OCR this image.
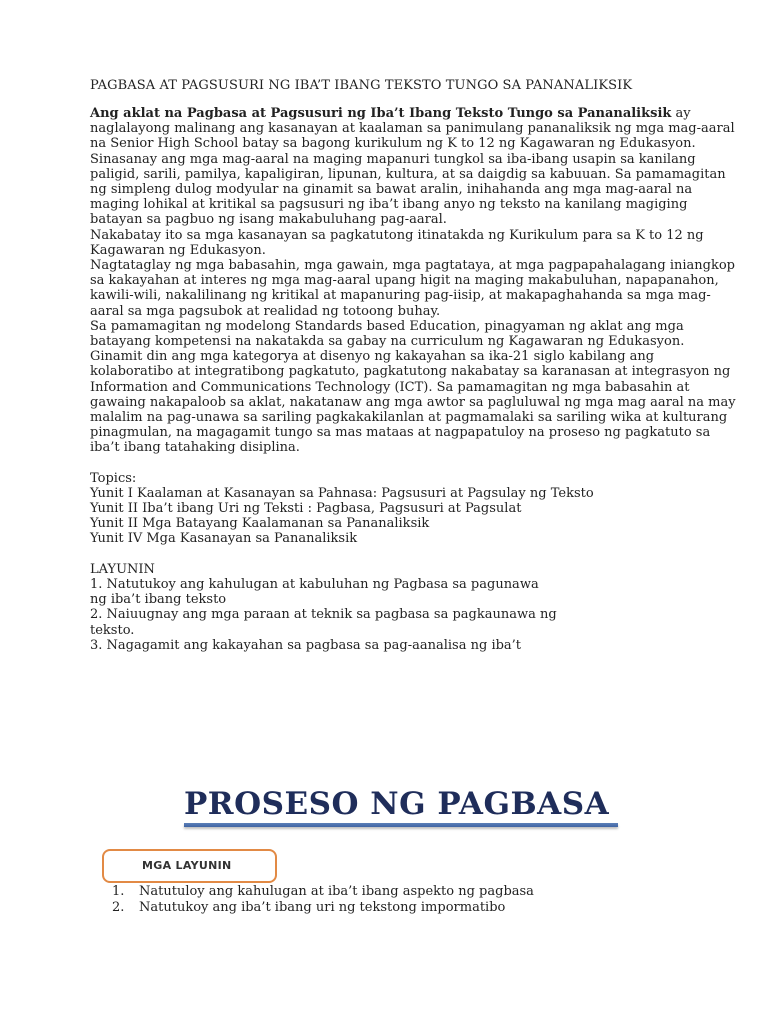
PAGBASA AT PAGSUSURI NG IBA’T IBANG TEKSTO TUNGO SA PANANALIKSIK

Ang aklat na Pagbasa at Pagsusuri ng Iba’t Ibang Teksto Tungo sa Pananaliksik ay

naglalayong malinang ang kasanayan at kaalaman sa panimulang pananaliksik ng mga mag-aaral

na Senior High School batay sa bagong kurikulum ng K to 12 ng Kagawaran ng Edukasyon.

Sinasanay ang mga mag-aaral na maging mapanuri tungkol sa iba-ibang usapin sa kanilang

paligid, sarili, pamilya, kapaligiran, lipunan, kultura, at sa daigdig sa kabuuan. Sa pamamagitan

ng simpleng dulog modyular na ginamit sa bawat aralin, inihahanda ang mga mag-aaral na

maging lohikal at kritikal sa pagsusuri ng iba’t ibang anyo ng teksto na kanilang magiging

batayan sa pagbuo ng isang makabuluhang pag-aaral.

Nakabatay ito sa mga kasanayan sa pagkatutong itinatakda ng Kurikulum para sa K to 12 ng

Kagawaran ng Edukasyon.

Nagtataglay ng mga babasahin, mga gawain, mga pagtataya, at mga pagpapahalagang iniangkop

sa kakayahan at interes ng mga mag-aaral upang higit na maging makabuluhan, napapanahon,

kawili-wili, nakalilinang ng kritikal at mapanuring pag-iisip, at makapaghahanda sa mga mag-

aaral sa mga pagsubok at realidad ng totoong buhay.

Sa pamamagitan ng modelong Standards based Education, pinagyaman ng aklat ang mga

batayang kompetensi na nakatakda sa gabay na curriculum ng Kagawaran ng Edukasyon.

Ginamit din ang mga kategorya at disenyo ng kakayahan sa ika-21 siglo kabilang ang

kolaboratibo at integratibong pagkatuto, pagkatutong nakabatay sa karanasan at integrasyon ng

Information and Communications Technology (ICT). Sa pamamagitan ng mga babasahin at

gawaing nakapaloob sa aklat, nakatanaw ang mga awtor sa pagluluwal ng mga mag aaral na may

malalim na pag-unawa sa sariling pagkakakilanlan at pagmamalaki sa sariling wika at kulturang

pinagmulan, na magagamit tungo sa mas mataas at nagpapatuloy na proseso ng pagkatuto sa

iba’t ibang tatahaking disiplina.

Topics:

Yunit I Kaalaman at Kasanayan sa Pahnasa: Pagsusuri at Pagsulay ng Teksto

Yunit II Iba’t ibang Uri ng Teksti : Pagbasa, Pagsusuri at Pagsulat

Yunit II Mga Batayang Kaalamanan sa Pananaliksik

Yunit IV Mga Kasanayan sa Pananaliksik

LAYUNIN

1. Natutukoy ang kahulugan at kabuluhan ng Pagbasa sa pagunawa

ng iba’t ibang teksto

2. Naiuugnay ang mga paraan at teknik sa pagbasa sa pagkaunawa ng

teksto.

3. Nagagamit ang kakayahan sa pagbasa sa pag-aanalisa ng iba’t

PROSESO NG PAGBASA
MGA LAYUNIN
1.	Natutuloy ang kahulugan at iba’t ibang aspekto ng pagbasa
2.	Natutukoy ang iba’t ibang uri ng tekstong impormatibo
